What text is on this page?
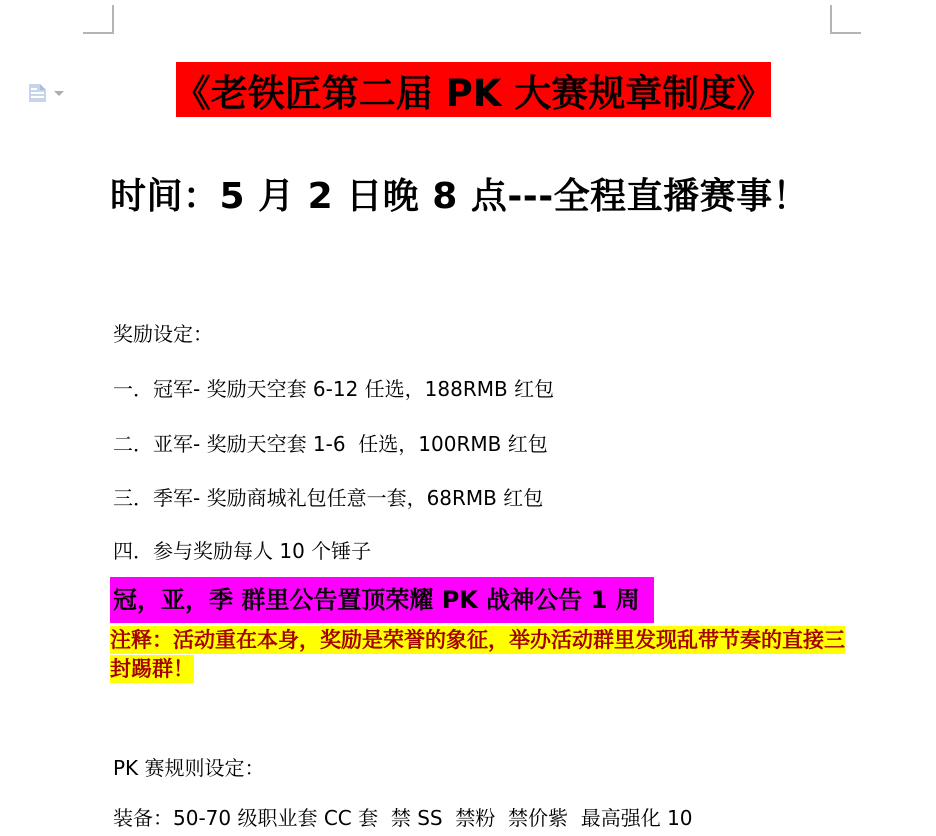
《老铁匠第二届 PK 大赛规章制度》
时间：5 月 2 日晚 8 点---全程直播赛事！
奖励设定：
一．冠军- 奖励天空套 6-12 任选，188RMB 红包
二．亚军- 奖励天空套 1-6  任选，100RMB 红包
三．季军- 奖励商城礼包任意一套，68RMB 红包
四．参与奖励每人 10 个锤子
冠，亚，季 群里公告置顶荣耀 PK 战神公告 1 周
注释：活动重在本身，奖励是荣誉的象征，举办活动群里发现乱带节奏的直接三封踢群！
PK 赛规则设定：
装备：50-70 级职业套 CC 套  禁 SS  禁粉  禁价紫  最高强化 10
